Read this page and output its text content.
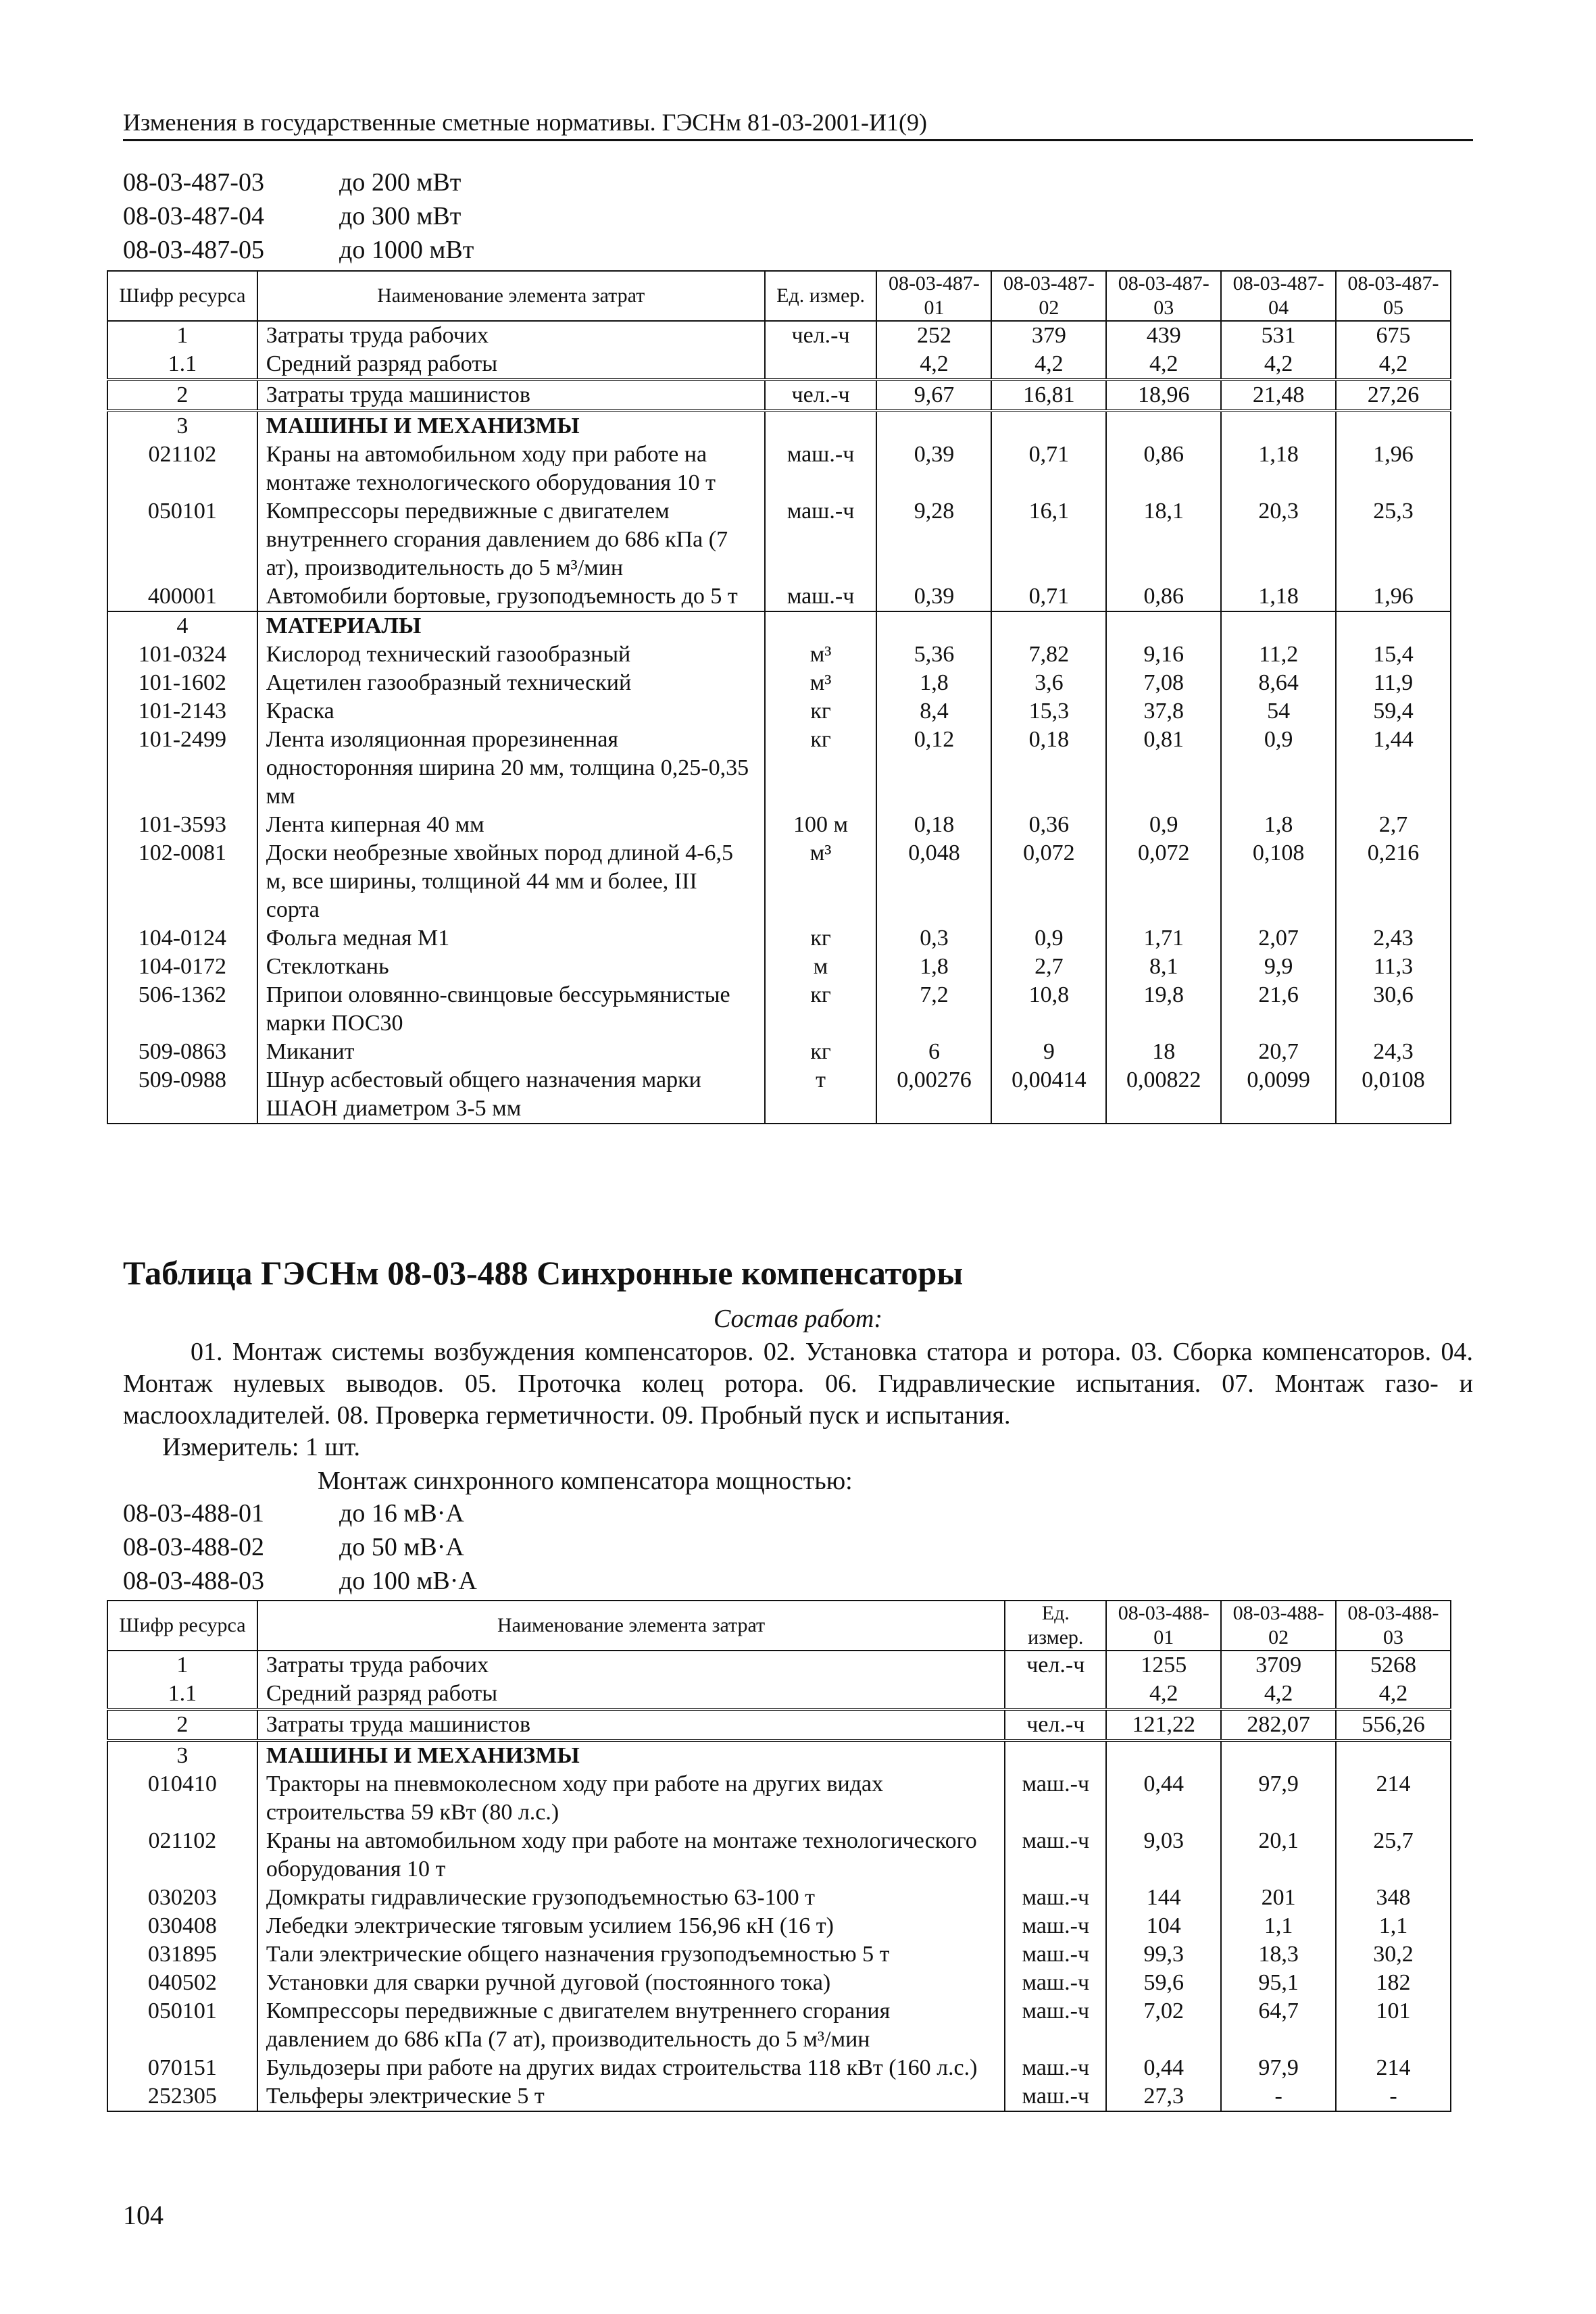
Изменения в государственные сметные нормативы. ГЭСНм 81-03-2001-И1(9)
08-03-487-03	до 200 мВт
08-03-487-04	до 300 мВт
08-03-487-05	до 1000 мВт
Шифр ресурса	Наименование элемента затрат	Ед. измер.	08-03-487-01	08-03-487-02	08-03-487-03	08-03-487-04	08-03-487-05
1	Затраты труда рабочих	чел.-ч	252	379	439	531	675
1.1	Средний разряд работы		4,2	4,2	4,2	4,2	4,2
2	Затраты труда машинистов	чел.-ч	9,67	16,81	18,96	21,48	27,26
3	МАШИНЫ И МЕХАНИЗМЫ						
021102	Краны на автомобильном ходу при работе на монтаже технологического оборудования 10 т	маш.-ч	0,39	0,71	0,86	1,18	1,96
050101	Компрессоры передвижные с двигателем внутреннего сгорания давлением до 686 кПа (7 ат), производительность до 5 м³/мин	маш.-ч	9,28	16,1	18,1	20,3	25,3
400001	Автомобили бортовые, грузоподъемность до 5 т	маш.-ч	0,39	0,71	0,86	1,18	1,96
4	МАТЕРИАЛЫ						
101-0324	Кислород технический газообразный	м³	5,36	7,82	9,16	11,2	15,4
101-1602	Ацетилен газообразный технический	м³	1,8	3,6	7,08	8,64	11,9
101-2143	Краска	кг	8,4	15,3	37,8	54	59,4
101-2499	Лента изоляционная прорезиненная односторонняя ширина 20 мм, толщина 0,25-0,35 мм	кг	0,12	0,18	0,81	0,9	1,44
101-3593	Лента киперная 40 мм	100 м	0,18	0,36	0,9	1,8	2,7
102-0081	Доски необрезные хвойных пород длиной 4-6,5 м, все ширины, толщиной 44 мм и более, III сорта	м³	0,048	0,072	0,072	0,108	0,216
104-0124	Фольга медная М1	кг	0,3	0,9	1,71	2,07	2,43
104-0172	Стеклоткань	м	1,8	2,7	8,1	9,9	11,3
506-1362	Припои оловянно-свинцовые бессурьмянистые марки ПОС30	кг	7,2	10,8	19,8	21,6	30,6
509-0863	Миканит	кг	6	9	18	20,7	24,3
509-0988	Шнур асбестовый общего назначения марки ШАОН диаметром 3-5 мм	т	0,00276	0,00414	0,00822	0,0099	0,0108
Таблица ГЭСНм 08-03-488 Синхронные компенсаторы
Состав работ:
01. Монтаж системы возбуждения компенсаторов. 02. Установка статора и ротора. 03. Сборка компенсаторов. 04. Монтаж нулевых выводов. 05. Проточка колец ротора. 06. Гидравлические испытания. 07. Монтаж газо- и маслоохладителей. 08. Проверка герметичности. 09. Пробный пуск и испытания.
Измеритель: 1 шт.
Монтаж синхронного компенсатора мощностью:
08-03-488-01	до 16 мВ·А
08-03-488-02	до 50 мВ·А
08-03-488-03	до 100 мВ·А
Шифр ресурса	Наименование элемента затрат	Ед. измер.	08-03-488-01	08-03-488-02	08-03-488-03
1	Затраты труда рабочих	чел.-ч	1255	3709	5268
1.1	Средний разряд работы		4,2	4,2	4,2
2	Затраты труда машинистов	чел.-ч	121,22	282,07	556,26
3	МАШИНЫ И МЕХАНИЗМЫ				
010410	Тракторы на пневмоколесном ходу при работе на других видах строительства 59 кВт (80 л.с.)	маш.-ч	0,44	97,9	214
021102	Краны на автомобильном ходу при работе на монтаже технологического оборудования 10 т	маш.-ч	9,03	20,1	25,7
030203	Домкраты гидравлические грузоподъемностью 63-100 т	маш.-ч	144	201	348
030408	Лебедки электрические тяговым усилием 156,96 кН (16 т)	маш.-ч	104	1,1	1,1
031895	Тали электрические общего назначения грузоподъемностью 5 т	маш.-ч	99,3	18,3	30,2
040502	Установки для сварки ручной дуговой (постоянного тока)	маш.-ч	59,6	95,1	182
050101	Компрессоры передвижные с двигателем внутреннего сгорания давлением до 686 кПа (7 ат), производительность до 5 м³/мин	маш.-ч	7,02	64,7	101
070151	Бульдозеры при работе на других видах строительства 118 кВт (160 л.с.)	маш.-ч	0,44	97,9	214
252305	Тельферы электрические 5 т	маш.-ч	27,3	-	-
104
